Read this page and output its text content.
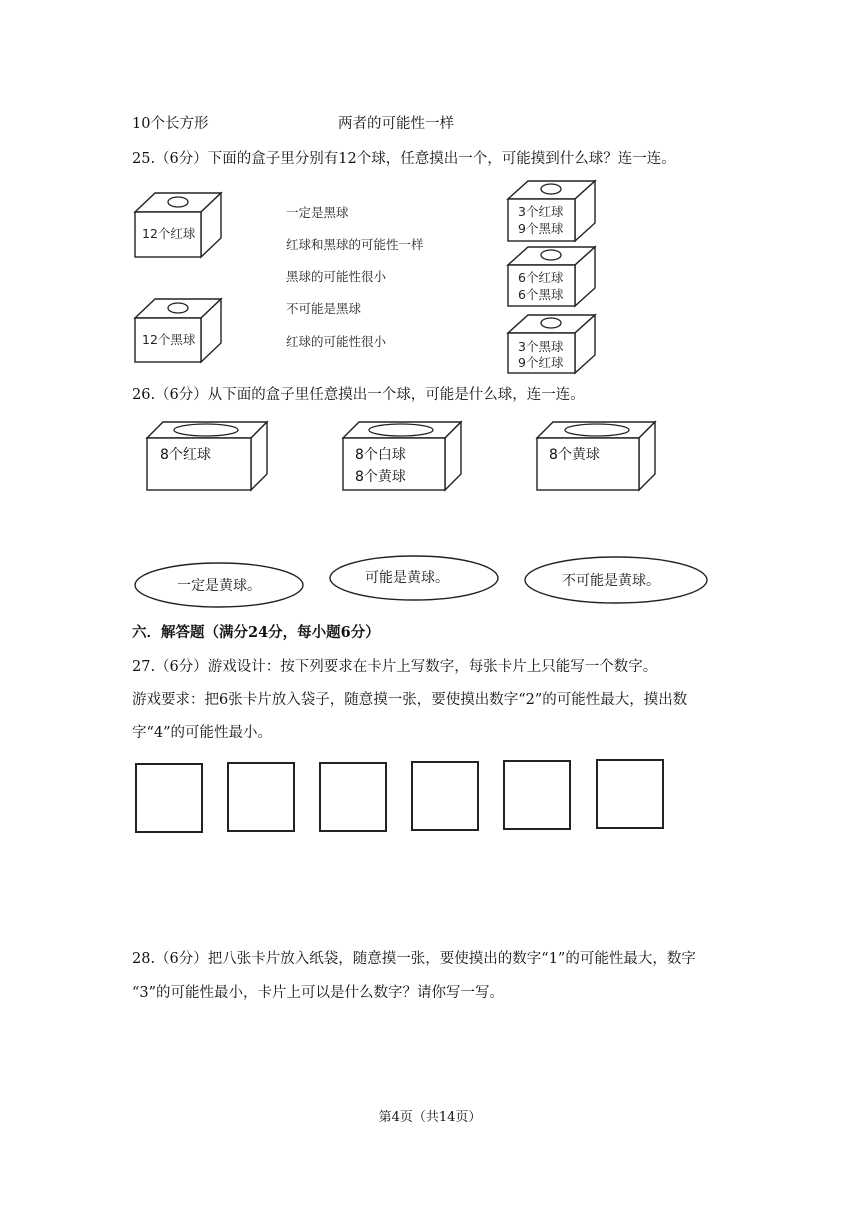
10个长方形	两者的可能性一样
25.（6分）下面的盒子里分别有12个球，任意摸出一个，可能摸到什么球？连一连。
12个红球
12个黑球
一定是黑球
红球和黑球的可能性一样
黑球的可能性很小
不可能是黑球
红球的可能性很小
3个红球
9个黑球
6个红球
6个黑球
3个黑球
9个红球
8个红球	8个白球
8个黄球
8个黄球
一定是黄球。	可能是黄球。	不可能是黄球。
26.（6分）从下面的盒子里任意摸出一个球，可能是什么球，连一连。
六．解答题（满分24分，每小题6分）
27.（6分）游戏设计：按下列要求在卡片上写数字，每张卡片上只能写一个数字。
游戏要求：把6张卡片放入袋子，随意摸一张，要使摸出数字“2”的可能性最大，摸出数
字“4”的可能性最小。
28.（6分）把八张卡片放入纸袋，随意摸一张，要使摸出的数字“1”的可能性最大，数字
“3”的可能性最小，卡片上可以是什么数字？请你写一写。
第4页（共14页）
